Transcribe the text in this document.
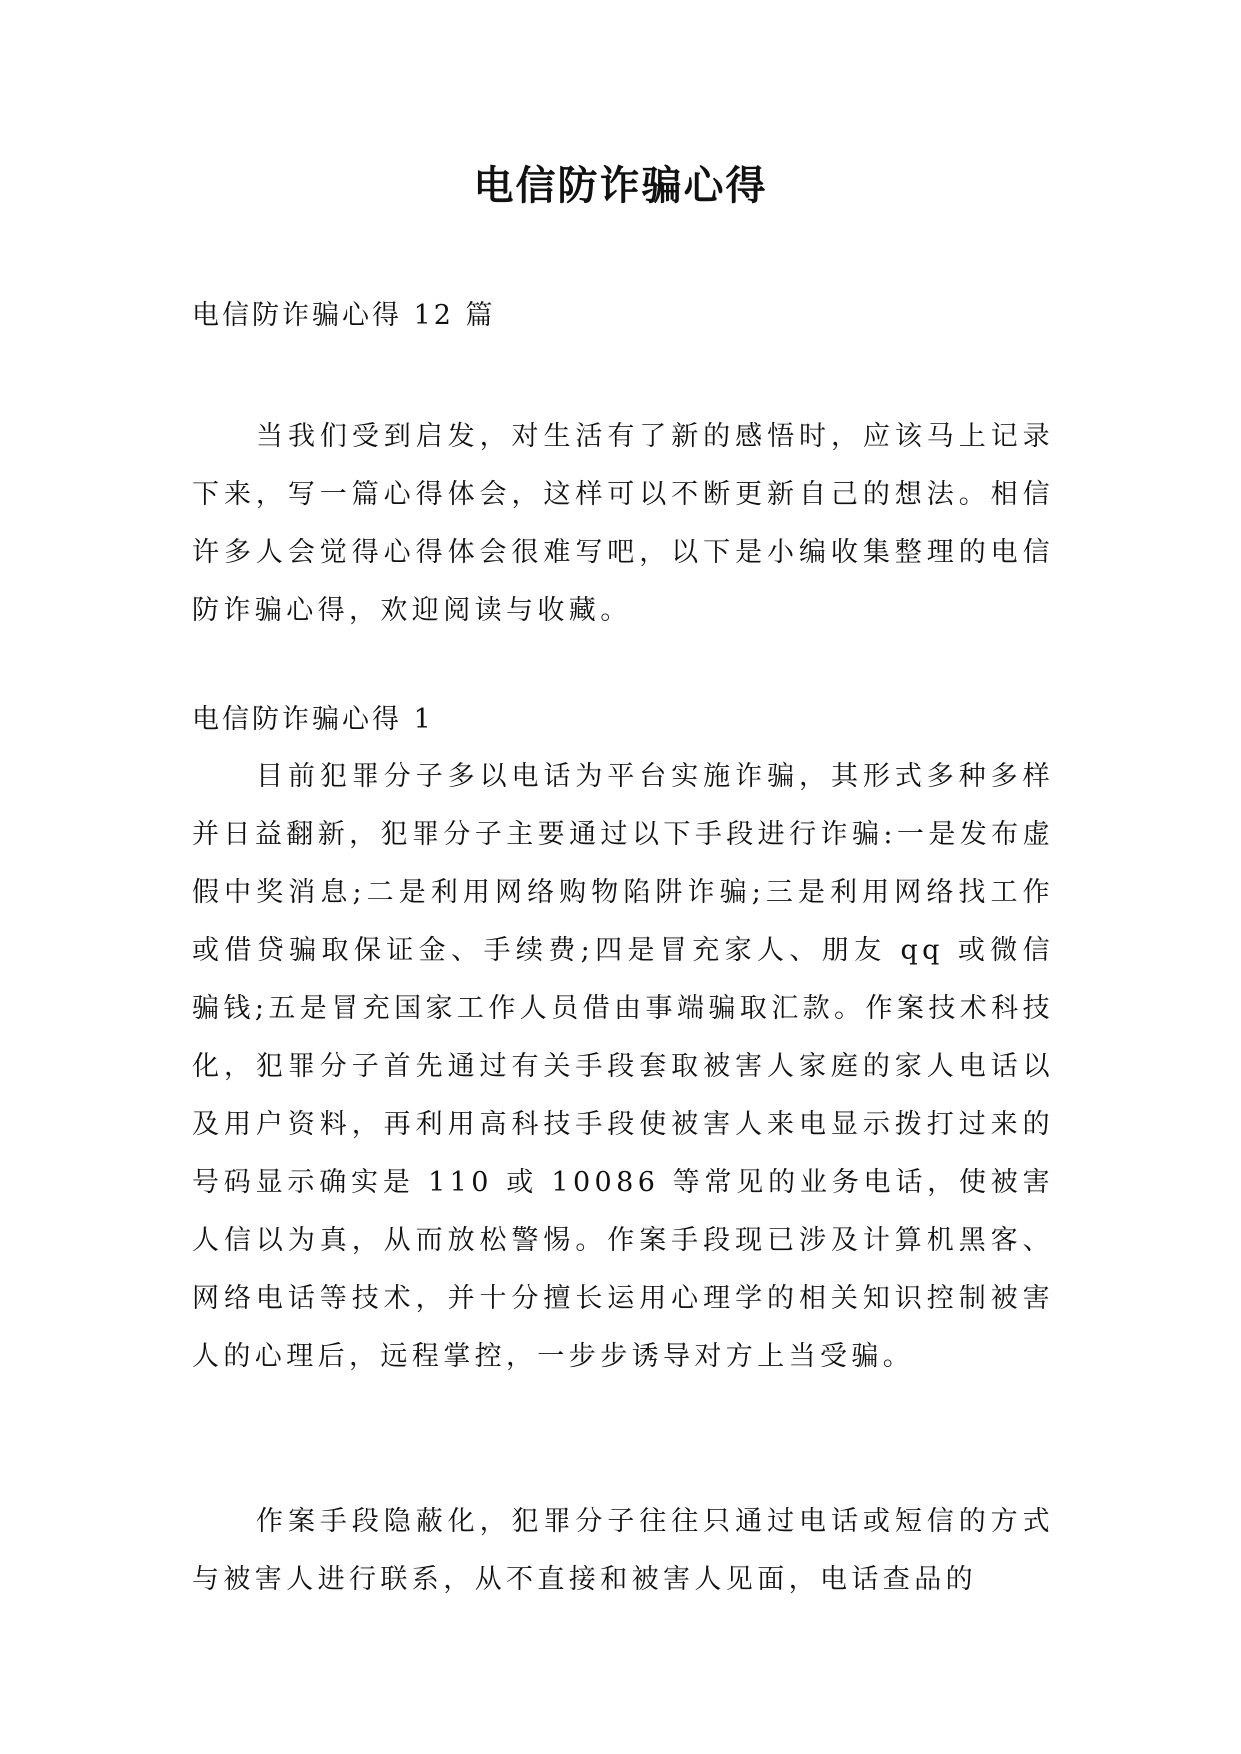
电信防诈骗心得

电信防诈骗心得 12 篇

当我们受到启发，对生活有了新的感悟时，应该马上记录下来，写一篇心得体会，这样可以不断更新自己的想法。相信许多人会觉得心得体会很难写吧，以下是小编收集整理的电信防诈骗心得，欢迎阅读与收藏。

电信防诈骗心得 1

目前犯罪分子多以电话为平台实施诈骗，其形式多种多样并日益翻新，犯罪分子主要通过以下手段进行诈骗:一是发布虚假中奖消息;二是利用网络购物陷阱诈骗;三是利用网络找工作或借贷骗取保证金、手续费;四是冒充家人、朋友 qq 或微信骗钱;五是冒充国家工作人员借由事端骗取汇款。作案技术科技化，犯罪分子首先通过有关手段套取被害人家庭的家人电话以及用户资料，再利用高科技手段使被害人来电显示拨打过来的号码显示确实是 110 或 10086 等常见的业务电话，使被害人信以为真，从而放松警惕。作案手段现已涉及计算机黑客、网络电话等技术，并十分擅长运用心理学的相关知识控制被害人的心理后，远程掌控，一步步诱导对方上当受骗。

作案手段隐蔽化，犯罪分子往往只通过电话或短信的方式与被害人进行联系，从不直接和被害人见面，电话查品的
